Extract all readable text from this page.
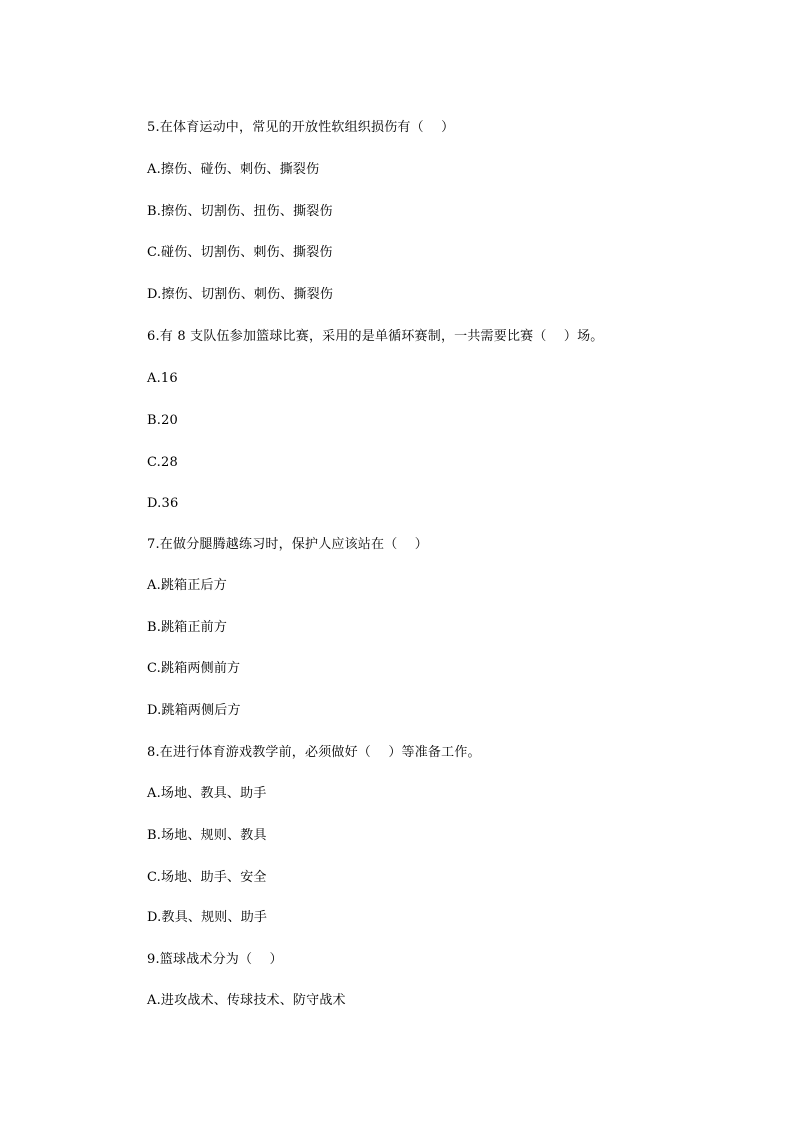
5.在体育运动中，常见的开放性软组织损伤有（    ）
A.擦伤、碰伤、刺伤、撕裂伤
B.擦伤、切割伤、扭伤、撕裂伤
C.碰伤、切割伤、刺伤、撕裂伤
D.擦伤、切割伤、刺伤、撕裂伤
6.有 8 支队伍参加篮球比赛，采用的是单循环赛制，一共需要比赛（    ）场。
A.16
B.20
C.28
D.36
7.在做分腿腾越练习时，保护人应该站在（    ）
A.跳箱正后方
B.跳箱正前方
C.跳箱两侧前方
D.跳箱两侧后方
8.在进行体育游戏教学前，必须做好（    ）等准备工作。
A.场地、教具、助手
B.场地、规则、教具
C.场地、助手、安全
D.教具、规则、助手
9.篮球战术分为（    ）
A.进攻战术、传球技术、防守战术
